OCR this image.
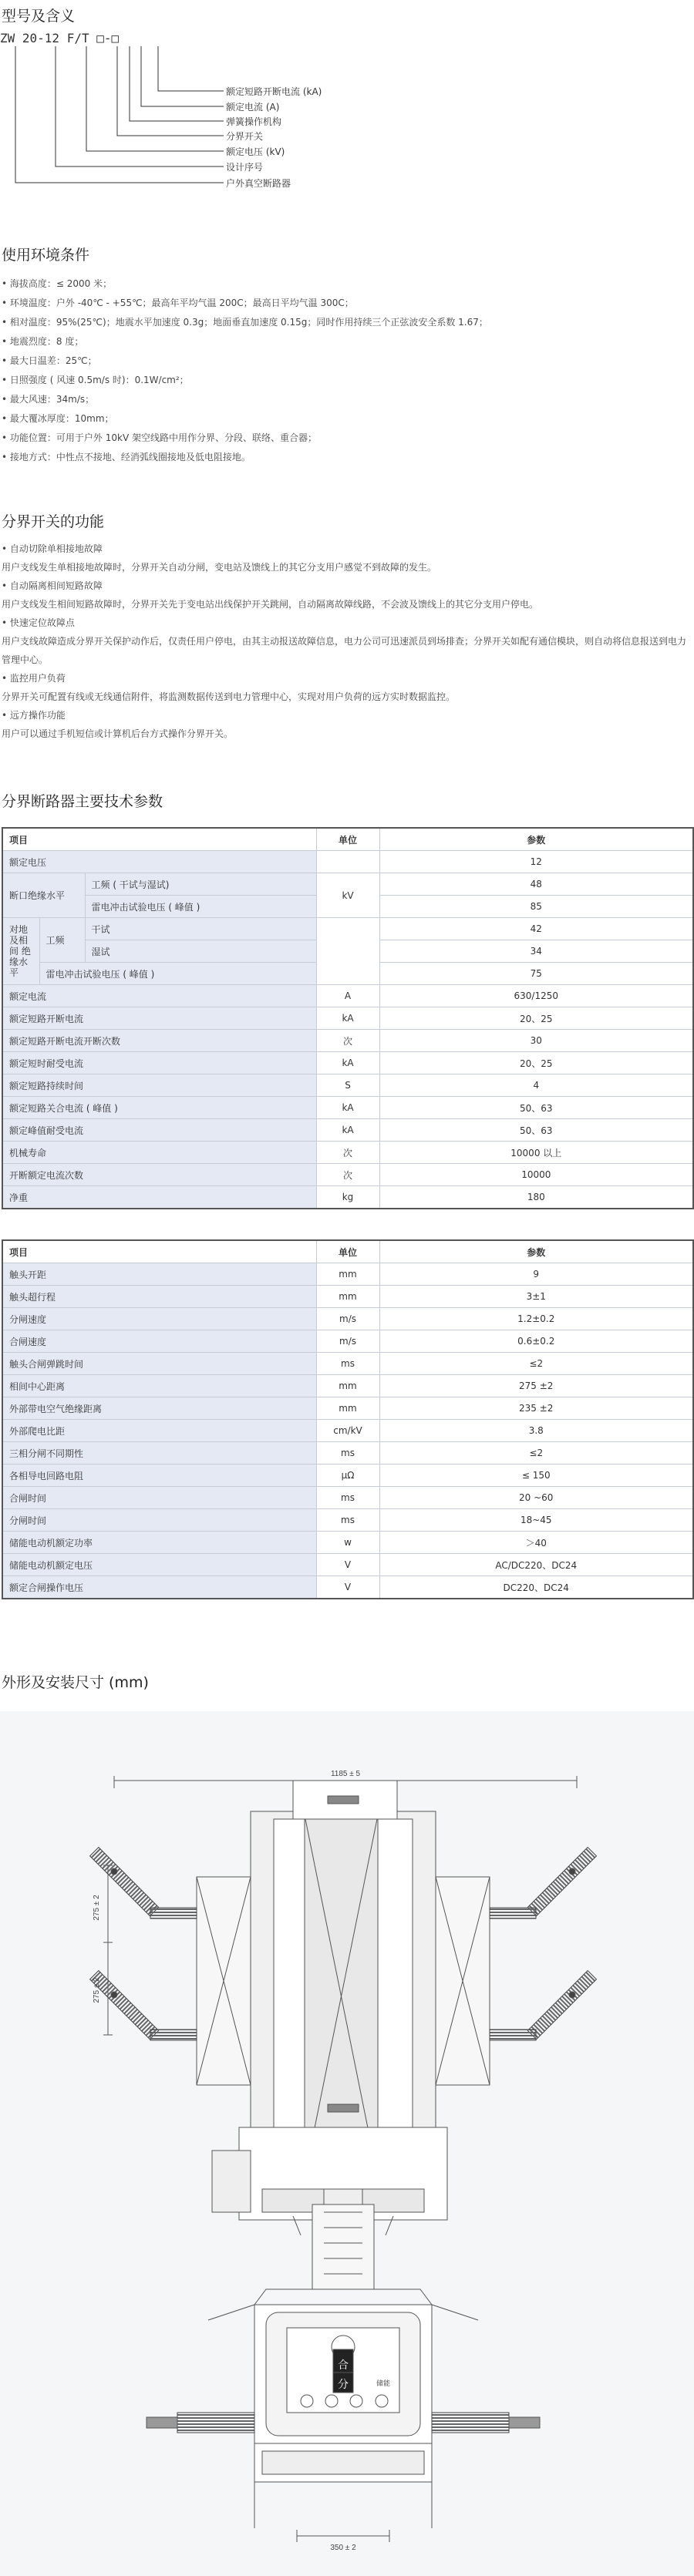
型号及含义
ZW 20-12 F/T □-□
额定短路开断电流 (kA)
额定电流 (A)
弹簧操作机构
分界开关
额定电压 (kV)
设计序号
户外真空断路器
使用环境条件
• 海拔高度：≤ 2000 米；
• 环境温度：户外 -40℃ - +55℃；最高年平均气温 200C；最高日平均气温 300C；
• 相对温度：95%(25℃)；地震水平加速度 0.3g；地面垂直加速度 0.15g；同时作用持续三个正弦波安全系数 1.67；
• 地震烈度：8 度；
• 最大日温差：25℃；
• 日照强度 ( 风速 0.5m/s 时)：0.1W/cm²；
• 最大风速：34m/s；
• 最大覆冰厚度：10mm；
• 功能位置：可用于户外 10kV 架空线路中用作分界、分段、联络、重合器；
• 接地方式：中性点不接地、经消弧线圈接地及低电阻接地。
分界开关的功能
• 自动切除单相接地故障
用户支线发生单相接地故障时，分界开关自动分闸，变电站及馈线上的其它分支用户感觉不到故障的发生。
• 自动隔离相间短路故障
用户支线发生相间短路故障时，分界开关先于变电站出线保护开关跳闸，自动隔离故障线路，不会波及馈线上的其它分支用户停电。
• 快速定位故障点
用户支线故障造成分界开关保护动作后，仅责任用户停电，由其主动报送故障信息，电力公司可迅速派员到场排查；分界开关如配有通信模块，则自动将信息报送到电力管理中心。
• 监控用户负荷
分界开关可配置有线或无线通信附件，将监测数据传送到电力管理中心，实现对用户负荷的远方实时数据监控。
• 远方操作功能
用户可以通过手机短信或计算机后台方式操作分界开关。
分界断路器主要技术参数
项目			单位	参数
额定电压				12
断口绝缘水平		工频 ( 干试与湿试)	kV	48
		雷电冲击试验电压 ( 峰值 )		85
对地及相间 绝缘水平	工频	干试		42
		湿试		34
	雷电冲击试验电压 ( 峰值 )			75
额定电流			A	630/1250
额定短路开断电流			kA	20、25
额定短路开断电流开断次数			次	30
额定短时耐受电流			kA	20、25
额定短路持续时间			S	4
额定短路关合电流 ( 峰值 )			kA	50、63
额定峰值耐受电流			kA	50、63
机械寿命			次	10000 以上
开断额定电流次数			次	10000
净重			kg	180
项目	单位	参数
触头开距	mm	9
触头超行程	mm	3±1
分闸速度	m/s	1.2±0.2
合闸速度	m/s	0.6±0.2
触头合闸弹跳时间	ms	≤2
相间中心距离	mm	275 ±2
外部带电空气绝缘距离	mm	235 ±2
外部爬电比距	cm/kV	3.8
三相分闸不同期性	ms	≤2
各相导电回路电阻	μΩ	≤ 150
合闸时间	ms	20 ~60
分闸时间	ms	18~45
储能电动机额定功率	w	＞40
储能电动机额定电压	V	AC/DC220、DC24
额定合闸操作电压	V	DC220、DC24
外形及安装尺寸 (mm)
1185 ± 5
275 ± 2
275 ± 2
合
分	储能
350 ± 2
